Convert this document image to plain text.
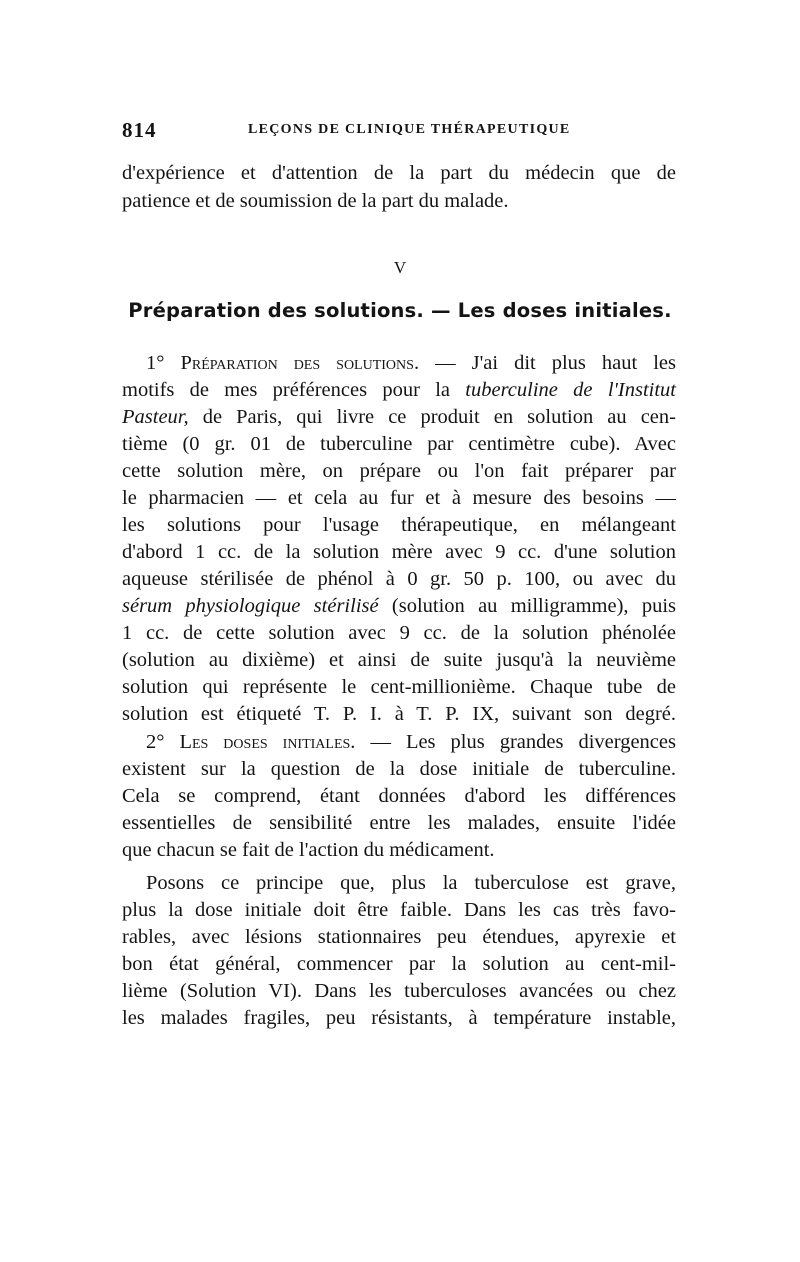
814	LEÇONS DE CLINIQUE THÉRAPEUTIQUE
d'expérience et d'attention de la part du médecin que de
patience et de soumission de la part du malade.
V
Préparation des solutions. — Les doses initiales.
1° Préparation des solutions. — J'ai dit plus haut les
motifs de mes préférences pour la tuberculine de l'Institut
Pasteur, de Paris, qui livre ce produit en solution au cen-
tième (0 gr. 01 de tuberculine par centimètre cube). Avec
cette solution mère, on prépare ou l'on fait préparer par
le pharmacien — et cela au fur et à mesure des besoins —
les solutions pour l'usage thérapeutique, en mélangeant
d'abord 1 cc. de la solution mère avec 9 cc. d'une solution
aqueuse stérilisée de phénol à 0 gr. 50 p. 100, ou avec du
sérum physiologique stérilisé (solution au milligramme), puis
1 cc. de cette solution avec 9 cc. de la solution phénolée
(solution au dixième) et ainsi de suite jusqu'à la neuvième
solution qui représente le cent-millionième. Chaque tube de
solution est étiqueté T. P. I. à T. P. IX, suivant son degré.
2° Les doses initiales. — Les plus grandes divergences
existent sur la question de la dose initiale de tuberculine.
Cela se comprend, étant données d'abord les différences
essentielles de sensibilité entre les malades, ensuite l'idée
que chacun se fait de l'action du médicament.
Posons ce principe que, plus la tuberculose est grave,
plus la dose initiale doit être faible. Dans les cas très favo-
rables, avec lésions stationnaires peu étendues, apyrexie et
bon état général, commencer par la solution au cent-mil-
lième (Solution VI). Dans les tuberculoses avancées ou chez
les malades fragiles, peu résistants, à température instable,
